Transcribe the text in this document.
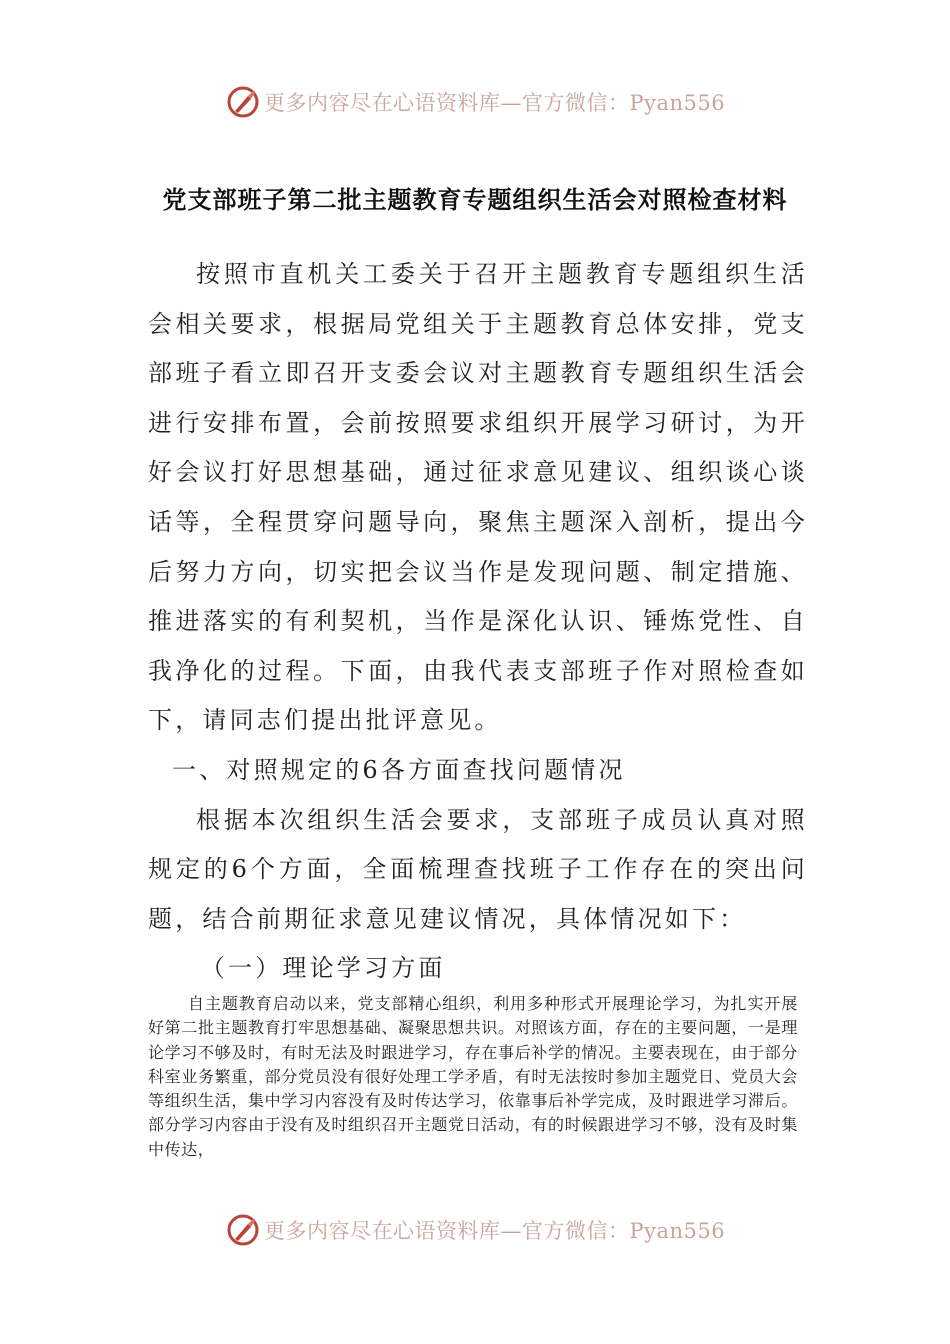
更多内容尽在心语资料库—官方微信：Pyan556
党支部班子第二批主题教育专题组织生活会对照检查材料

按照市直机关工委关于召开主题教育专题组织生活会相关要求，根据局党组关于主题教育总体安排，党支部班子看立即召开支委会议对主题教育专题组织生活会进行安排布置，会前按照要求组织开展学习研讨，为开好会议打好思想基础，通过征求意见建议、组织谈心谈话等，全程贯穿问题导向，聚焦主题深入剖析，提出今后努力方向，切实把会议当作是发现问题、制定措施、推进落实的有利契机，当作是深化认识、锤炼党性、自我净化的过程。下面，由我代表支部班子作对照检查如下，请同志们提出批评意见。

一、对照规定的6各方面查找问题情况

根据本次组织生活会要求，支部班子成员认真对照规定的6个方面，全面梳理查找班子工作存在的突出问题，结合前期征求意见建议情况，具体情况如下：

（一）理论学习方面

自主题教育启动以来，党支部精心组织，利用多种形式开展理论学习，为扎实开展好第二批主题教育打牢思想基础、凝聚思想共识。对照该方面，存在的主要问题，一是理论学习不够及时，有时无法及时跟进学习，存在事后补学的情况。主要表现在，由于部分科室业务繁重，部分党员没有很好处理工学矛盾，有时无法按时参加主题党日、党员大会等组织生活，集中学习内容没有及时传达学习，依靠事后补学完成，及时跟进学习滞后。部分学习内容由于没有及时组织召开主题党日活动，有的时候跟进学习不够，没有及时集中传达，

更多内容尽在心语资料库—官方微信：Pyan556
